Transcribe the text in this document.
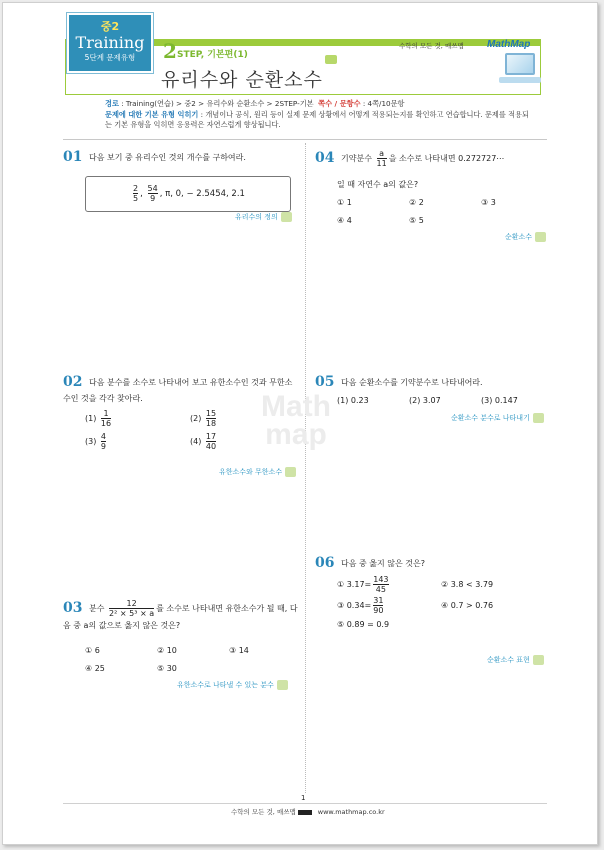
중2
Training
5단계 문제유형	2 STEP, 기본편(1)
유리수와 순환소수
수학의 모든 것, 매쓰맵 MathMap
경로 : Training(연습) > 중2 > 유리수와 순환소수 > 2STEP-기본 쪽수 / 문항수 : 4쪽/10문항
문제에 대한 기본 유형 익히기 : 개념이나 공식, 원리 등이 실제 문제 상황에서 어떻게 적용되는지를 확인하고 연습합니다. 문제를 적용되는 기본 유형을 익히면 응용력은 자연스럽게 향상됩니다.
Math
map
01 다음 보기 중 유리수인 것의 개수를 구하여라.
$\frac{2}{5}$ , $\frac{54}{9}$ , π, 0, − 2.5454, 2.1
유리수의 정의
02 다음 분수를 소수로 나타내어 보고 유한소수인 것과 무한소수인 것을 각각 찾아라.
$(1) \frac{1}{16}$	$(2) \frac{15}{18}$
$(3) \frac{4}{9}$	$(4) \frac{17}{40}$
유한소수와 무한소수
03 분수 $\frac{12}{\text{2² × 5³ × a}}$ 를 소수로 나타내면 유한소수가 될 때, 다음 중 a의 값으로 옳지 않은 것은?
① 6	② 10	③ 14
④ 25	⑤ 30
유한소수로 나타낼 수 있는 분수
04 기약분수 $\frac{a}{11}$ 을 소수로 나타내면 0.272727⋯
일 때 자연수 a의 값은?
① 1	② 2	③ 3
④ 4	⑤ 5
순환소수
05 다음 순환소수를 기약분수로 나타내어라.
(1) 0.2̇3̇	(2) 3.0̇7̇	(3) 0.14̇7̇
순환소수 분수로 나타내기
06 다음 중 옳지 않은 것은?
① 3.1̇7̇= $\frac{143}{45}$	② 3.8̇ < 3.7̇9̇
③ 0.34̇= $\frac{31}{90}$	④ 0.7 > 0.7̇6̇
⑤ 0.8̇9̇ = 0.9
순환소수 표현
1
수학의 모든 것, 매쓰맵	www.mathmap.co.kr
